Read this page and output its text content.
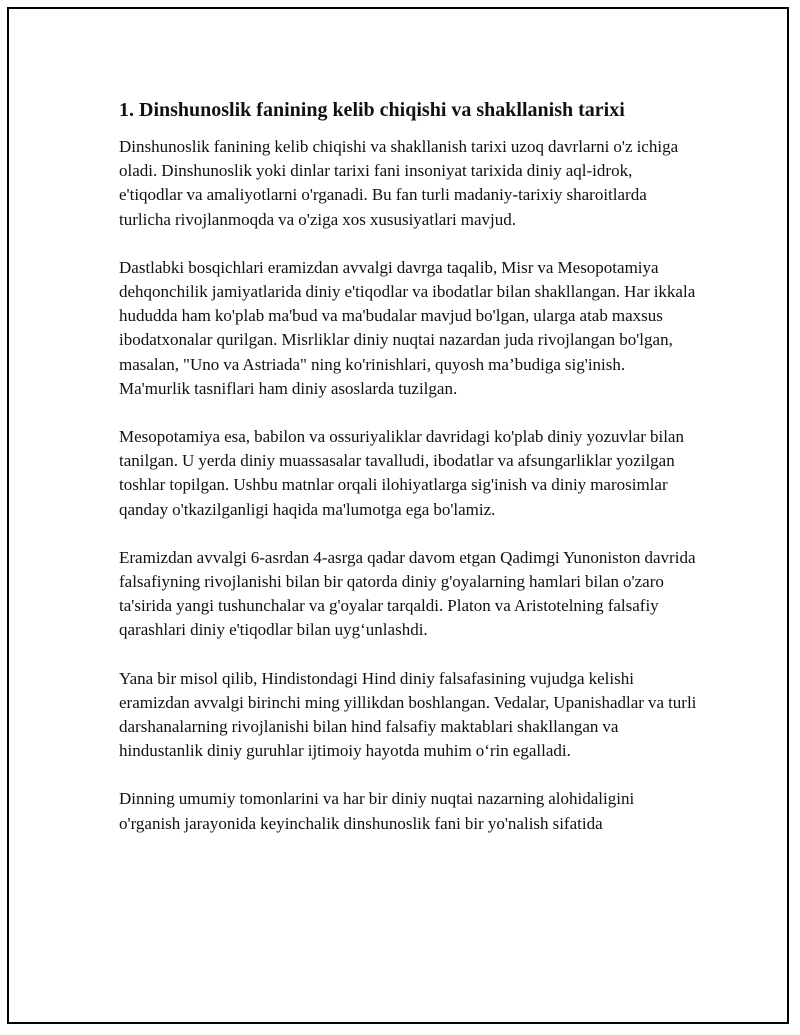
1. Dinshunoslik fanining kelib chiqishi va shakllanish tarixi

Dinshunoslik fanining kelib chiqishi va shakllanish tarixi uzoq davrlarni o'z ichiga oladi. Dinshunoslik yoki dinlar tarixi fani insoniyat tarixida diniy aql-idrok, e'tiqodlar va amaliyotlarni o'rganadi. Bu fan turli madaniy-tarixiy sharoitlarda turlicha rivojlanmoqda va o'ziga xos xususiyatlari mavjud.

Dastlabki bosqichlari eramizdan avvalgi davrga taqalib, Misr va Mesopotamiya dehqonchilik jamiyatlarida diniy e'tiqodlar va ibodatlar bilan shakllangan. Har ikkala hududda ham ko'plab ma'bud va ma'budalar mavjud bo'lgan, ularga atab maxsus ibodatxonalar qurilgan. Misrliklar diniy nuqtai nazardan juda rivojlangan bo'lgan, masalan, "Uno va Astriada" ning ko'rinishlari, quyosh ma’budiga sig'inish. Ma'murlik tasniflari ham diniy asoslarda tuzilgan.

Mesopotamiya esa, babilon va ossuriyaliklar davridagi ko'plab diniy yozuvlar bilan tanilgan. U yerda diniy muassasalar tavalludi, ibodatlar va afsungarliklar yozilgan toshlar topilgan. Ushbu matnlar orqali ilohiyatlarga sig'inish va diniy marosimlar qanday o'tkazilganligi haqida ma'lumotga ega bo'lamiz.

Eramizdan avvalgi 6-asrdan 4-asrga qadar davom etgan Qadimgi Yunoniston davrida falsafiyning rivojlanishi bilan bir qatorda diniy g'oyalarning hamlari bilan o'zaro ta'sirida yangi tushunchalar va g'oyalar tarqaldi. Platon va Aristotelning falsafiy qarashlari diniy e'tiqodlar bilan uyg‘unlashdi.

Yana bir misol qilib, Hindistondagi Hind diniy falsafasining vujudga kelishi eramizdan avvalgi birinchi ming yillikdan boshlangan. Vedalar, Upanishadlar va turli darshanalarning rivojlanishi bilan hind falsafiy maktablari shakllangan va hindustanlik diniy guruhlar ijtimoiy hayotda muhim o‘rin egalladi.

Dinning umumiy tomonlarini va har bir diniy nuqtai nazarning alohidaligini o'rganish jarayonida keyinchalik dinshunoslik fani bir yo'nalish sifatida
